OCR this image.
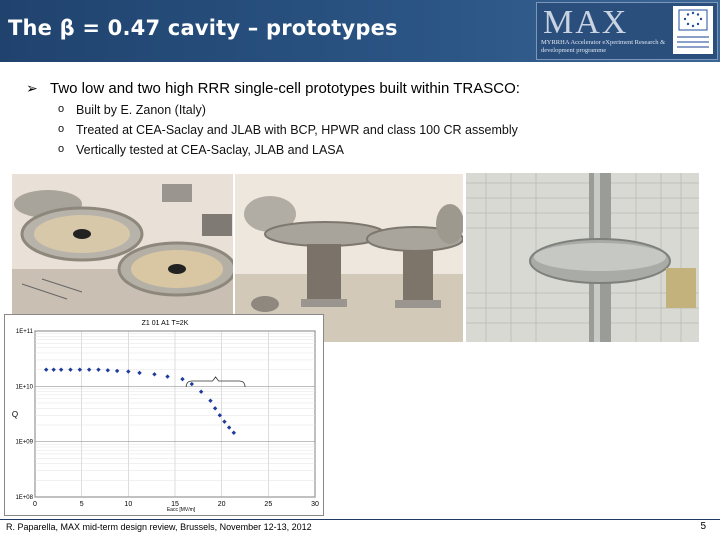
The β = 0.47 cavity – prototypes	MAX
MYRRHA Accelerator eXperiment Research & development programme
➢ Two low and two high RRR single-cell prototypes built within TRASCO:
o Built by E. Zanon (Italy)
o Treated at CEA-Saclay and JLAB with BCP, HPWR and class 100 CR assembly
o Vertically tested at CEA-Saclay, JLAB and LASA
Z1 01 A1 T=2K
Q
Eacc [MV/m]
0	5	10	15	20	25	30
1E+11
1E+10
1E+09
1E+08
R. Paparella, MAX mid-term design review, Brussels, November 12-13, 2012	5
